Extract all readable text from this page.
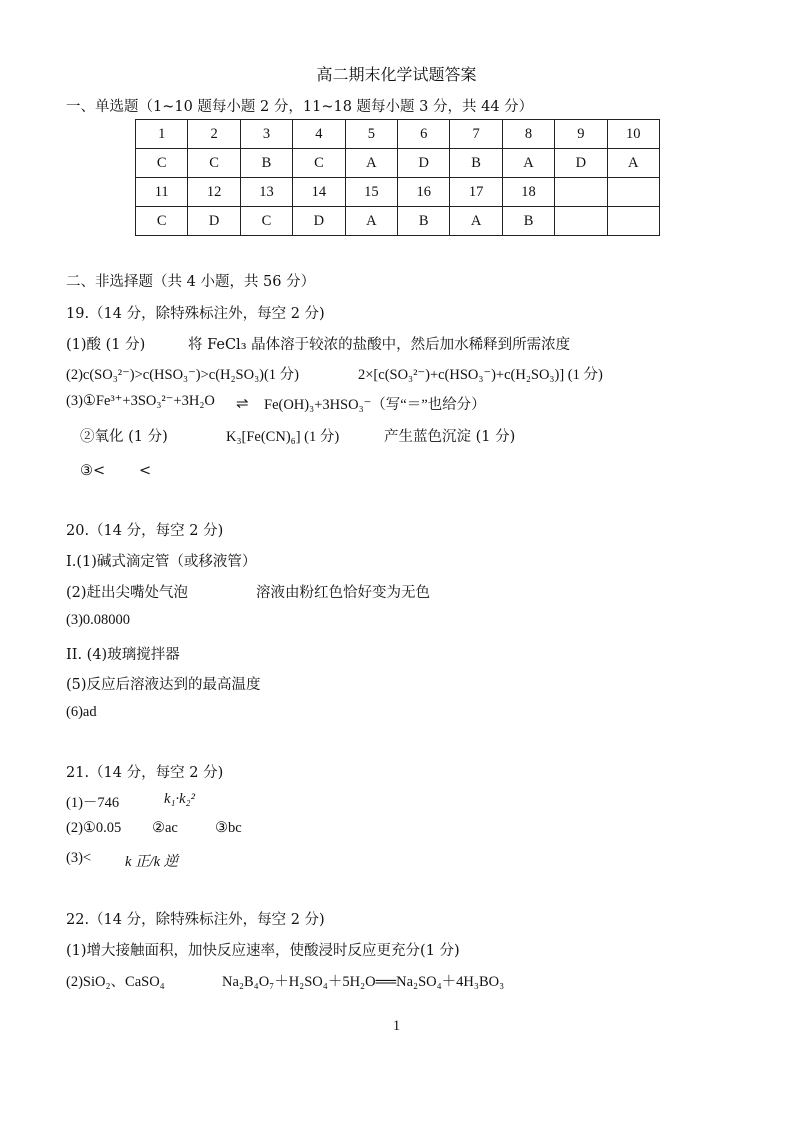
高二期末化学试题答案
一、单选题（1~10 题每小题 2 分，11~18 题每小题 3 分，共 44 分）
1	2	3	4	5	6	7	8	9	10
C	C	B	C	A	D	B	A	D	A
11	12	13	14	15	16	17	18		
C	D	C	D	A	B	A	B		
二、非选择题（共 4 小题，共 56 分）
19.（14 分，除特殊标注外，每空 2 分)
(1)酸 (1 分)	将 FeCl₃ 晶体溶于较浓的盐酸中，然后加水稀释到所需浓度
(2)c(SO₃²⁻)>c(HSO₃⁻)>c(H₂SO₃)(1 分)	2×[c(SO₃²⁻)+c(HSO₃⁻)+c(H₂SO₃)] (1 分)
(3)①Fe³⁺+3SO₃²⁻+3H₂O ⇌ Fe(OH)₃+3HSO₃⁻（写“＝”也给分）
②氧化 (1 分)	K₃[Fe(CN)₆] (1 分)	产生蓝色沉淀 (1 分)
③< <
20.（14 分，每空 2 分)
Ⅰ.(1)碱式滴定管（或移液管）
(2)赶出尖嘴处气泡	溶液由粉红色恰好变为无色
(3)0.08000
II. (4)玻璃搅拌器
(5)反应后溶液达到的最高温度
(6)ad
21.（14 分，每空 2 分)
(1)－746	k₁·k₂²
(2)①0.05 ②ac	③bc
(3)< k 正/k 逆
22.（14 分，除特殊标注外，每空 2 分)
(1)增大接触面积，加快反应速率，使酸浸时反应更充分(1 分)
(2)SiO₂、CaSO₄	Na₂B₄O₇＋H₂SO₄＋5H₂O══Na₂SO₄＋4H₃BO₃
1
